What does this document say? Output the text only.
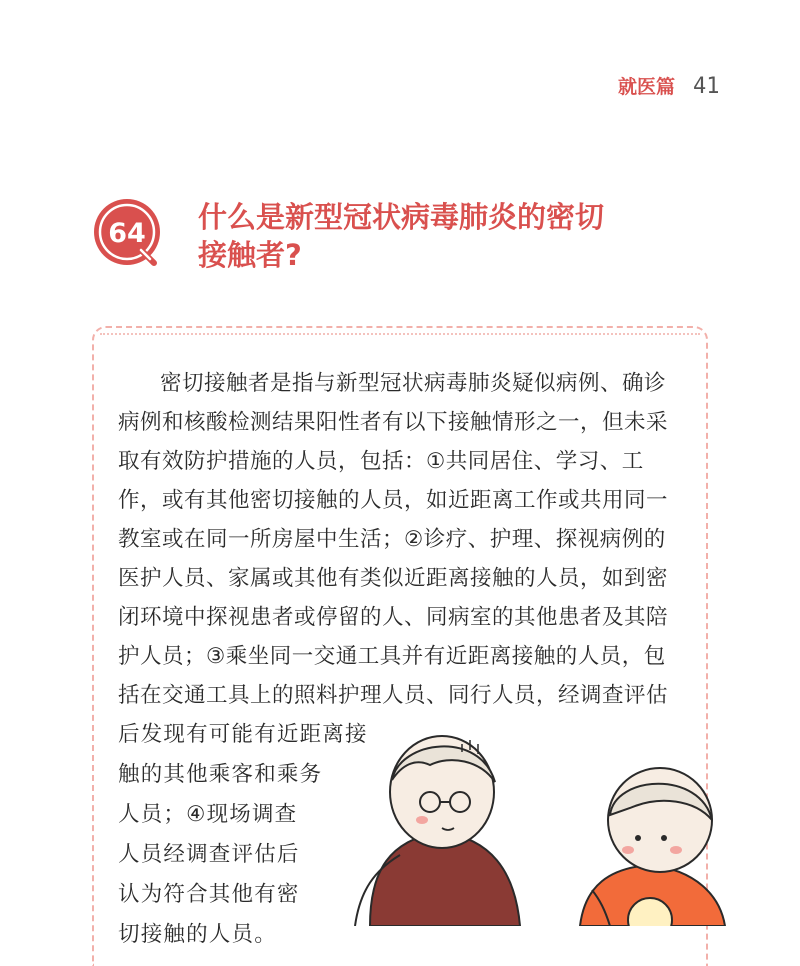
就医篇 41
64 什么是新型冠状病毒肺炎的密切
接触者?
密切接触者是指与新型冠状病毒肺炎疑似病例、确诊
病例和核酸检测结果阳性者有以下接触情形之一，但未采
取有效防护措施的人员，包括：①共同居住、学习、工
作，或有其他密切接触的人员，如近距离工作或共用同一
教室或在同一所房屋中生活；②诊疗、护理、探视病例的
医护人员、家属或其他有类似近距离接触的人员，如到密
闭环境中探视患者或停留的人、同病室的其他患者及其陪
护人员；③乘坐同一交通工具并有近距离接触的人员，包
括在交通工具上的照料护理人员、同行人员，经调查评估
后发现有可能有近距离接
触的其他乘客和乘务
人员；④现场调查
人员经调查评估后
认为符合其他有密
切接触的人员。
